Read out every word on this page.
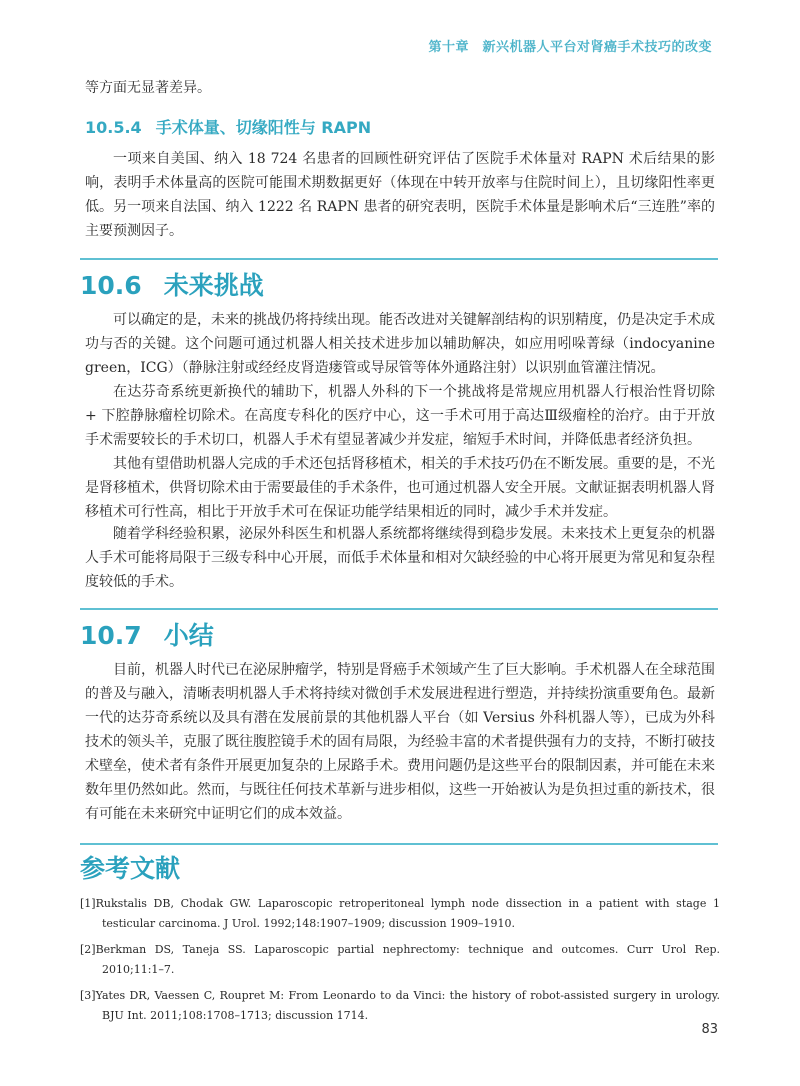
第十章　新兴机器人平台对肾癌手术技巧的改变

等方面无显著差异。

10.5.4 手术体量、切缘阳性与 RAPN

一项来自美国、纳入 18 724 名患者的回顾性研究评估了医院手术体量对 RAPN 术后结果的影响，表明手术体量高的医院可能围术期数据更好（体现在中转开放率与住院时间上），且切缘阳性率更低。另一项来自法国、纳入 1222 名 RAPN 患者的研究表明，医院手术体量是影响术后“三连胜”率的主要预测因子。

10.6 未来挑战

可以确定的是，未来的挑战仍将持续出现。能否改进对关键解剖结构的识别精度，仍是决定手术成功与否的关键。这个问题可通过机器人相关技术进步加以辅助解决，如应用吲哚菁绿（indocyanine green，ICG）（静脉注射或经经皮肾造瘘管或导尿管等体外通路注射）以识别血管灌注情况。

在达芬奇系统更新换代的辅助下，机器人外科的下一个挑战将是常规应用机器人行根治性肾切除 + 下腔静脉瘤栓切除术。在高度专科化的医疗中心，这一手术可用于高达Ⅲ级瘤栓的治疗。由于开放手术需要较长的手术切口，机器人手术有望显著减少并发症，缩短手术时间，并降低患者经济负担。

其他有望借助机器人完成的手术还包括肾移植术，相关的手术技巧仍在不断发展。重要的是，不光是肾移植术，供肾切除术由于需要最佳的手术条件，也可通过机器人安全开展。文献证据表明机器人肾移植术可行性高，相比于开放手术可在保证功能学结果相近的同时，减少手术并发症。

随着学科经验积累，泌尿外科医生和机器人系统都将继续得到稳步发展。未来技术上更复杂的机器人手术可能将局限于三级专科中心开展，而低手术体量和相对欠缺经验的中心将开展更为常见和复杂程度较低的手术。

10.7 小结

目前，机器人时代已在泌尿肿瘤学，特别是肾癌手术领域产生了巨大影响。手术机器人在全球范围的普及与融入，清晰表明机器人手术将持续对微创手术发展进程进行塑造，并持续扮演重要角色。最新一代的达芬奇系统以及具有潜在发展前景的其他机器人平台（如 Versius 外科机器人等），已成为外科技术的领头羊，克服了既往腹腔镜手术的固有局限，为经验丰富的术者提供强有力的支持，不断打破技术壁垒，使术者有条件开展更加复杂的上尿路手术。费用问题仍是这些平台的限制因素，并可能在未来数年里仍然如此。然而，与既往任何技术革新与进步相似，这些一开始被认为是负担过重的新技术，很有可能在未来研究中证明它们的成本效益。

参考文献

[1]Rukstalis DB, Chodak GW. Laparoscopic retroperitoneal lymph node dissection in a patient with stage 1 testicular carcinoma. J Urol. 1992;148:1907–1909; discussion 1909–1910.

[2]Berkman DS, Taneja SS. Laparoscopic partial nephrectomy: technique and outcomes. Curr Urol Rep. 2010;11:1–7.

[3]Yates DR, Vaessen C, Roupret M: From Leonardo to da Vinci: the history of robot-assisted surgery in urology. BJU Int. 2011;108:1708–1713; discussion 1714.

83
